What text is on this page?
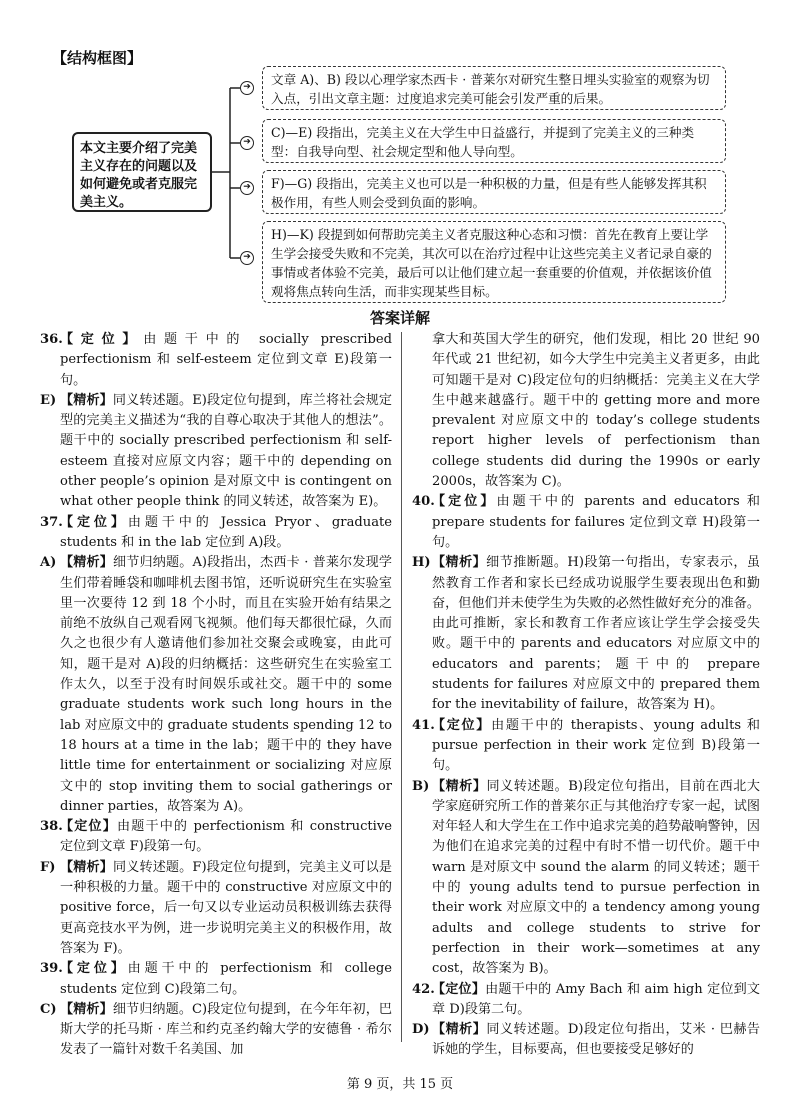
【结构框图】
➔
➔
➔
➔
本文主要介绍了完美主义存在的问题以及如何避免或者克服完美主义。
文章 A)、B) 段以心理学家杰西卡 · 普莱尔对研究生整日埋头实验室的观察为切入点，引出文章主题：过度追求完美可能会引发严重的后果。
C)—E) 段指出，完美主义在大学生中日益盛行，并提到了完美主义的三种类型：自我导向型、社会规定型和他人导向型。
F)—G) 段指出，完美主义也可以是一种积极的力量，但是有些人能够发挥其积极作用，有些人则会受到负面的影响。
H)—K) 段提到如何帮助完美主义者克服这种心态和习惯：首先在教育上要让学生学会接受失败和不完美，其次可以在治疗过程中让这些完美主义者记录自豪的事情或者体验不完美，最后可以让他们建立起一套重要的价值观，并依据该价值观将焦点转向生活，而非实现某些目标。
答案详解

36.
【定位】由题干中的 socially prescribed perfectionism 和 self-esteem 定位到文章 E)段第一句。

E) 【精析】同义转述题。E)段定位句提到，库兰将社会规定型的完美主义描述为“我的自尊心取决于其他人的想法”。题干中的 socially prescribed perfectionism 和 self-esteem 直接对应原文内容；题干中的 depending on other people’s opinion 是对原文中 is contingent on what other people think 的同义转述，故答案为 E)。

37.
【定位】由题干中的 Jessica Pryor、graduate students 和 in the lab 定位到 A)段。

A) 【精析】细节归纳题。A)段指出，杰西卡 · 普莱尔发现学生们带着睡袋和咖啡机去图书馆，还听说研究生在实验室里一次要待 12 到 18 个小时，而且在实验开始有结果之前绝不放纵自己观看网飞视频。他们每天都很忙碌，久而久之也很少有人邀请他们参加社交聚会或晚宴，由此可知，题干是对 A)段的归纳概括：这些研究生在实验室工作太久，以至于没有时间娱乐或社交。题干中的 some graduate students work such long hours in the lab 对应原文中的 graduate students spending 12 to 18 hours at a time in the lab；题干中的 they have little time for entertainment or socializing 对应原文中的 stop inviting them to social gatherings or dinner parties，故答案为 A)。

38.
【定位】由题干中的 perfectionism 和 constructive 定位到文章 F)段第一句。

F) 【精析】同义转述题。F)段定位句提到，完美主义可以是一种积极的力量。题干中的 constructive 对应原文中的 positive force，后一句又以专业运动员积极训练去获得更高竞技水平为例，进一步说明完美主义的积极作用，故答案为 F)。

39.
【定位】由题干中的 perfectionism 和 college students 定位到 C)段第二句。

C) 【精析】细节归纳题。C)段定位句提到，在今年年初，巴斯大学的托马斯 · 库兰和约克圣约翰大学的安德鲁 · 希尔发表了一篇针对数千名美国、加

拿大和英国大学生的研究，他们发现，相比 20 世纪 90 年代或 21 世纪初，如今大学生中完美主义者更多，由此可知题干是对 C)段定位句的归纳概括：完美主义在大学生中越来越盛行。题干中的 getting more and more prevalent 对应原文中的 today’s college students report higher levels of perfectionism than college students did during the 1990s or early 2000s，故答案为 C)。

40.
【定位】由题干中的 parents and educators 和 prepare students for failures 定位到文章 H)段第一句。

H) 【精析】细节推断题。H)段第一句指出，专家表示，虽然教育工作者和家长已经成功说服学生要表现出色和勤奋，但他们并未使学生为失败的必然性做好充分的准备。由此可推断，家长和教育工作者应该让学生学会接受失败。题干中的 parents and educators 对应原文中的 educators and parents；题干中的 prepare students for failures 对应原文中的 prepared them for the inevitability of failure，故答案为 H)。

41.
【定位】由题干中的 therapists、young adults 和 pursue perfection in their work 定位到 B)段第一句。

B) 【精析】同义转述题。B)段定位句指出，目前在西北大学家庭研究所工作的普莱尔正与其他治疗专家一起，试图对年轻人和大学生在工作中追求完美的趋势敲响警钟，因为他们在追求完美的过程中有时不惜一切代价。题干中 warn 是对原文中 sound the alarm 的同义转述；题干中的 young adults tend to pursue perfection in their work 对应原文中的 a tendency among young adults and college students to strive for perfection in their work—sometimes at any cost，故答案为 B)。

42.
【定位】由题干中的 Amy Bach 和 aim high 定位到文章 D)段第二句。

D) 【精析】同义转述题。D)段定位句指出，艾米 · 巴赫告诉她的学生，目标要高，但也要接受足够好的

第 9 页，共 15 页
